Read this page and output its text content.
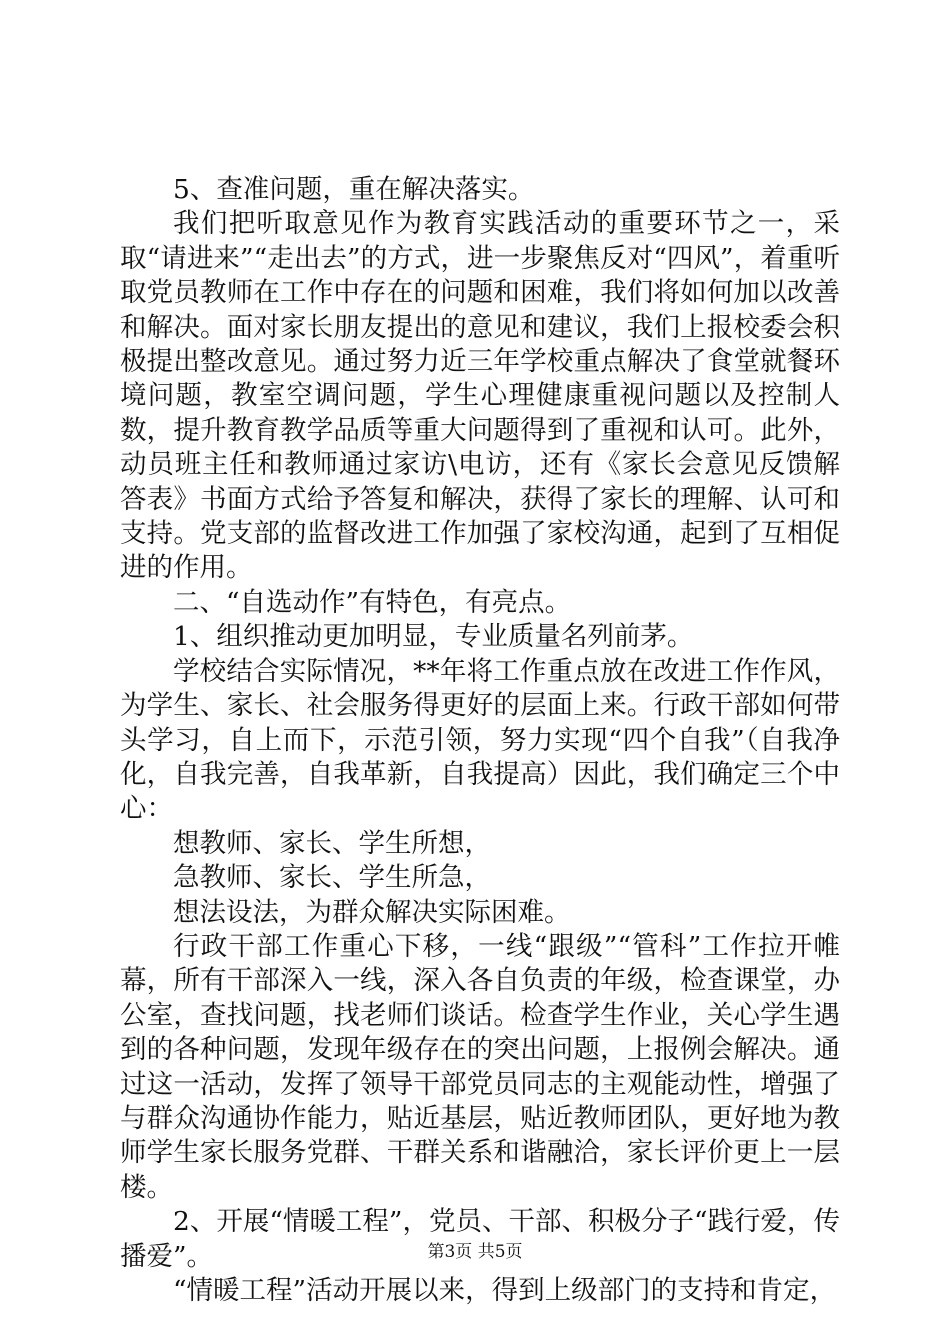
5、查准问题，重在解决落实。

我们把听取意见作为教育实践活动的重要环节之一，采取“请进来”“走出去”的方式，进一步聚焦反对“四风”，着重听取党员教师在工作中存在的问题和困难，我们将如何加以改善和解决。面对家长朋友提出的意见和建议，我们上报校委会积极提出整改意见。通过努力近三年学校重点解决了食堂就餐环境问题，教室空调问题，学生心理健康重视问题以及控制人数，提升教育教学品质等重大问题得到了重视和认可。此外，动员班主任和教师通过家访\电访，还有《家长会意见反馈解答表》书面方式给予答复和解决，获得了家长的理解、认可和支持。党支部的监督改进工作加强了家校沟通，起到了互相促进的作用。

二、“自选动作”有特色，有亮点。

1、组织推动更加明显，专业质量名列前茅。

学校结合实际情况，**年将工作重点放在改进工作作风，为学生、家长、社会服务得更好的层面上来。行政干部如何带头学习，自上而下，示范引领，努力实现“四个自我”（自我净化，自我完善，自我革新，自我提高）因此，我们确定三个中心：

想教师、家长、学生所想，

急教师、家长、学生所急，

想法设法，为群众解决实际困难。

行政干部工作重心下移，一线“跟级”“管科”工作拉开帷幕，所有干部深入一线，深入各自负责的年级，检查课堂，办公室，查找问题，找老师们谈话。检查学生作业，关心学生遇到的各种问题，发现年级存在的突出问题，上报例会解决。通过这一活动，发挥了领导干部党员同志的主观能动性，增强了与群众沟通协作能力，贴近基层，贴近教师团队，更好地为教师学生家长服务党群、干群关系和谐融洽，家长评价更上一层楼。

2、开展“情暖工程”，党员、干部、积极分子“践行爱，传播爱”。

“情暖工程”活动开展以来，得到上级部门的支持和肯定，

第3页 共5页
